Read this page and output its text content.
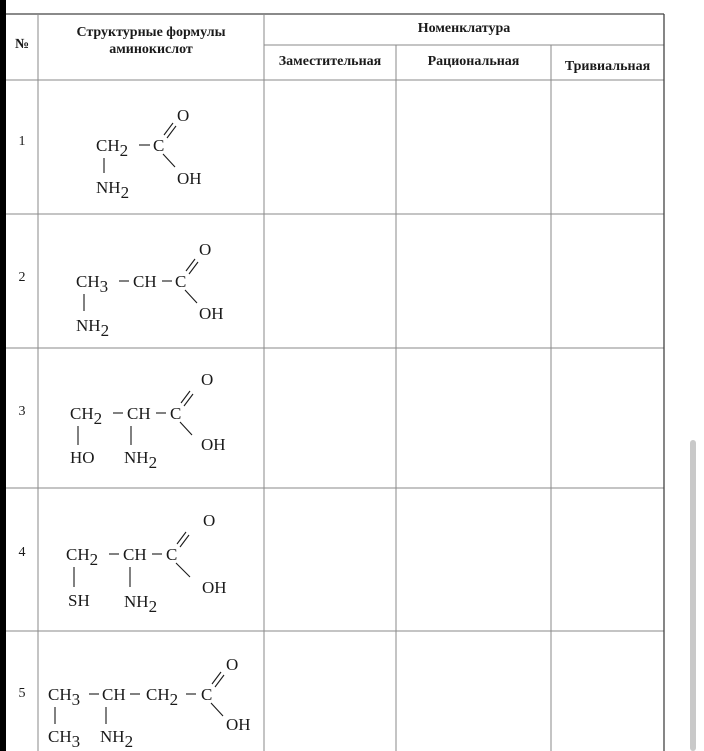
№
Структурные формулы аминокислот
Номенклатура
Заместительная	Рациональная	Тривиальная
1
2
3
4
5
CH2 C
O
OH
NH2
CH3 CH C
O
OH
NH2
CH2 CH C
O
OH
HO NH2
CH2 CH C
O
OH
SH NH2
CH3 CH CH2 C
O
OH
CH3 NH2
